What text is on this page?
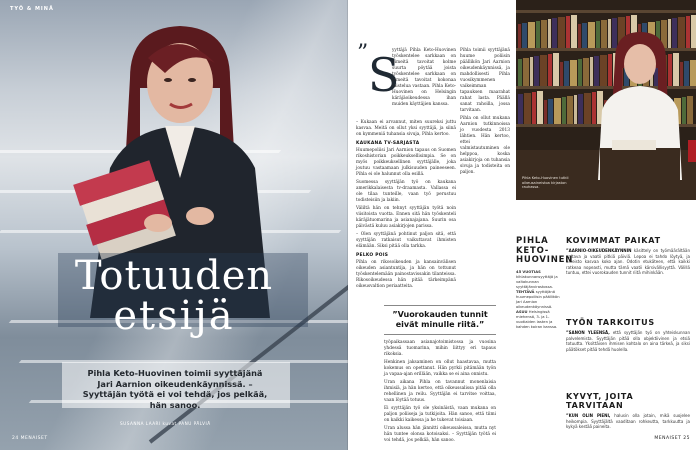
TYÖ & MINÄ
Totuuden
etsijä
Pihla Keto-Huovinen toimii syyttäjänä Jari Aarnion oikeudenkäynnissä. – Syyttäjän työtä ei voi tehdä, jos pelkää, hän sanoo.
SUSANNA LAARI kuvat PANU PÄLVIÄ
24 MENAISET
” S

yyttäjä Pihla Keto-Huovinen työskentelee sarkkaan on pimeitä tavoitat kolme suurta pöytää joista työskentelee sarkkaan on pimeitä tavoitat kokonaa taistelua vastaan. Pihla Keto-Huovinen on Helsingin käräjäoikeudessa ihan muiden käyttäjien kanssa.

– Kukaan ei arvannut, miten suureksi juttu kasvaa. Meitä on ollut yksi syyttäjä, ja siinä on kymmeniä tuhansia sivuja, Pihla kertoo.

KAUKANA TV-SARJASTA

Huumepoliisi Jari Aarnion tapaus on Suomen rikoshistorian poikkeuksellisimpia. Se on myös poikkeuksellinen syyttäjälle, joka joutuu vastaamaan julkisuuden paineeseen. Pihla ei ole halunnut olla esillä.

Suomessa syyttäjän työ on kaukana amerikkalaisesta tv-draamasta. Vallassa ei ole tilaa tunteille, vaan työ perustuu todisteisiin ja lakiin.

Väliltä hän on tehnyt syyttäjän työtä noin viisitoista vuotta. Ennen sitä hän työskenteli käräjätuomarina ja asianajajana. Suurin osa päivästä kuluu asiakirjojen parissa.

– Olen syyttäjänä pohtinut paljon sitä, että syyttäjän ratkaisut vaikuttavat ihmisten elämään. Siksi pitää olla tarkka.

PELKO POIS

Pihla on rikosoikeuden ja kansainvälisen oikeuden asiantuntija, ja hän on tottunut työskentelemään painostavissakin tilanteissa. Rikosoikeudessa hän pitää tärkeimpänä oikeusvaltion periaatteita.

työpaikassaan asianajotoimistossa ja vuosina yhdessä tuomarina, mihin liittyy eri tapaus rikoksia.

Henkinen jaksaminen on ollut haastavaa, mutta kokemus on opettanut. Hän pyrkii pitämään työn ja vapaa-ajan erillään, vaikka se ei aina onnistu.

Uran aikana Pihla on tavannut monenlaisia ihmisiä, ja hän kertoo, että oikeussalissa pitää olla rehellinen ja reilu. Syyttäjän ei tarvitse voittaa, vaan löytää totuus.

Ei syyttäjän työ ole yksinäistä, vaan mukana on paljon poliiseja ja tutkijoita. Hän sanoo, että tiimi on kaikki kaikessa ja he tukevat toisiaan.

Uran alussa hän jännitti oikeussaleissa, mutta nyt hän tuntee olonsa kotoisaksi. – Syyttäjän työtä ei voi tehdä, jos pelkää, hän sanoo.

”Vuorokauden tunnit eivät minulle riitä.”

Pihla toimii syyttäjänä huume poliisin päällikön Jari Aarnion oikeudenkäynnissä, ja mahdollisesti Pihla vuosikymmenen vaikeimman tapauksen maarahat rahat lasta. Päällä sanat rahoilla, jossa tarvitaan.

Pihla on ollut mukana Aarnion tutkinnoissa jo vuodesta 2013 lähtien. Hän kertoo, ettei valmistautuminen ole helppoa, koska asiakirjoja on tuhansia sivuja ja todisteita on paljon.

Pihla Keto-Huovinen tutkii oikeusaineistoa kirjaston rauhassa.
PIHLA
KETO-
HUOVINEN
45 VUOTIAS kihlakunnansyyttäjä ja valtakunnan syyttäjänvirastossa.
TEHTÄVÄ syyttäjänä huumepoliisin päällikön Jari Aarnion oikeudenkäynnissä.
ASUU Helsingissä miehensä, 3- ja 1-vuotiaiden lasten ja kahden koiran kanssa.
KOVIMMAT PAIKAT
”AARNIO-OIKEUDENKÄYNNIN käsittely on työmäärältään valtava ja vaatii pitkiä päiviä. Lepoa ei tahdo löytyä, ja aineisto kasvaa koko ajan. Odotin etukäteen, että kaikki ratkeaa nopeasti, mutta tämä vaatii kärsivällisyyttä. Välillä tuntuu, ettei vuorokauden tunnit riitä mihinkään.
TYÖN TARKOITUS
”SANON YLEENSÄ, että syyttäjän työ on yhteiskunnan palvelemista. Syyttäjän pitää olla objektiivinen ja etsiä totuutta. Yksittäisen ihmisen kohtalo on aina tärkeä, ja siksi päätökset pitää tehdä huolella.
KYVYT, JOITA TARVITAAN
”KUN OLIN PIENI, halusin olla jotain, mikä suojelee heikompia. Syyttäjältä vaaditaan rohkeutta, tarkkuutta ja kykyä kestää paineita.
MENAISET 25
